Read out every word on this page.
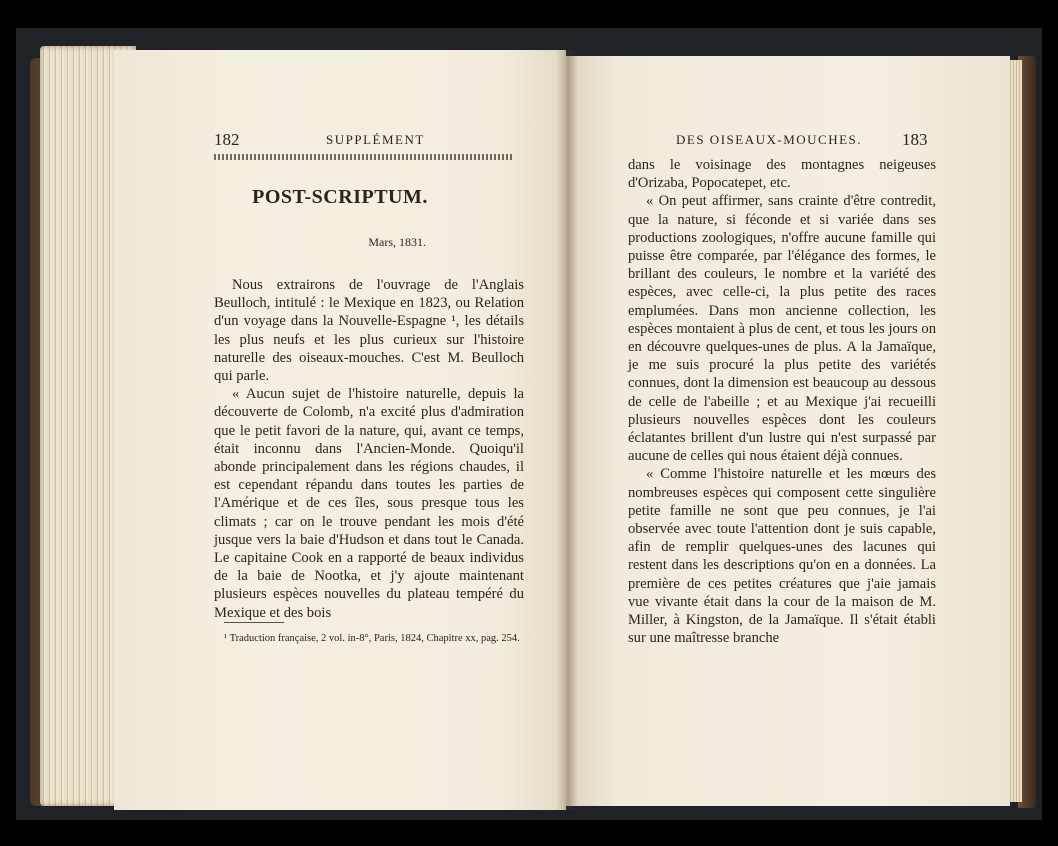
182	SUPPLÉMENT
POST-SCRIPTUM.
Mars, 1831.

Nous extrairons de l'ouvrage de l'Anglais Beulloch, intitulé : le Mexique en 1823, ou Relation d'un voyage dans la Nouvelle-Espagne ¹, les détails les plus neufs et les plus curieux sur l'histoire naturelle des oiseaux-mouches. C'est M. Beulloch qui parle.

« Aucun sujet de l'histoire naturelle, depuis la découverte de Colomb, n'a excité plus d'admiration que le petit favori de la nature, qui, avant ce temps, était inconnu dans l'Ancien-Monde. Quoiqu'il abonde principalement dans les régions chaudes, il est cependant répandu dans toutes les parties de l'Amérique et de ces îles, sous presque tous les climats ; car on le trouve pendant les mois d'été jusque vers la baie d'Hudson et dans tout le Canada. Le capitaine Cook en a rapporté de beaux individus de la baie de Nootka, et j'y ajoute maintenant plusieurs espèces nouvelles du plateau tempéré du Mexique et des bois

¹ Traduction française, 2 vol. in-8°, Paris, 1824, Chapitre xx, pag. 254.
DES OISEAUX-MOUCHES. 183

dans le voisinage des montagnes neigeuses d'Orizaba, Popocatepet, etc.

« On peut affirmer, sans crainte d'être contredit, que la nature, si féconde et si variée dans ses productions zoologiques, n'offre aucune famille qui puisse être comparée, par l'élégance des formes, le brillant des couleurs, le nombre et la variété des espèces, avec celle-ci, la plus petite des races emplumées. Dans mon ancienne collection, les espèces montaient à plus de cent, et tous les jours on en découvre quelques-unes de plus. A la Jamaïque, je me suis procuré la plus petite des variétés connues, dont la dimension est beaucoup au dessous de celle de l'abeille ; et au Mexique j'ai recueilli plusieurs nouvelles espèces dont les couleurs éclatantes brillent d'un lustre qui n'est surpassé par aucune de celles qui nous étaient déjà connues.

« Comme l'histoire naturelle et les mœurs des nombreuses espèces qui composent cette singulière petite famille ne sont que peu connues, je l'ai observée avec toute l'attention dont je suis capable, afin de remplir quelques-unes des lacunes qui restent dans les descriptions qu'on en a données. La première de ces petites créatures que j'aie jamais vue vivante était dans la cour de la maison de M. Miller, à Kingston, de la Jamaïque. Il s'était établi sur une maîtresse branche
